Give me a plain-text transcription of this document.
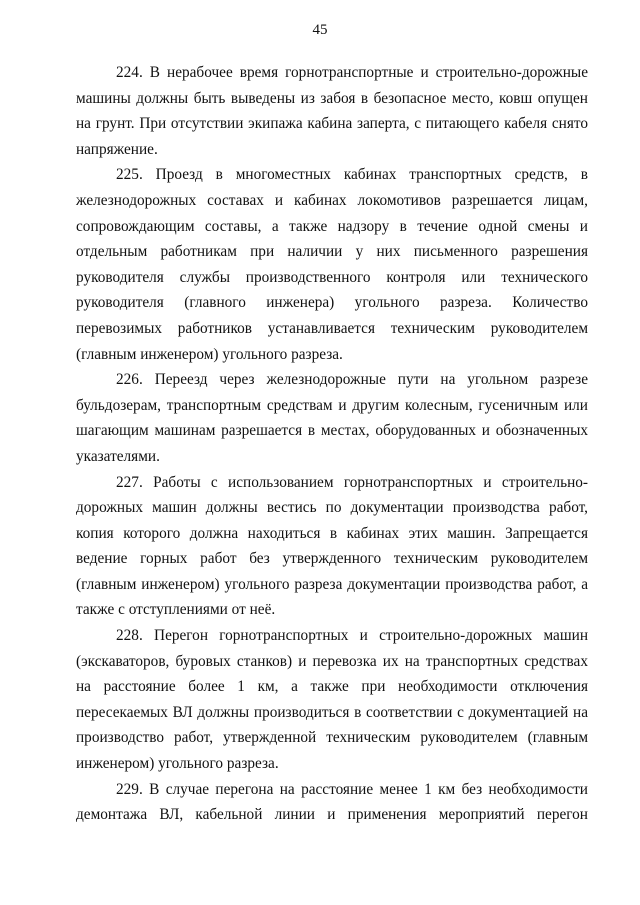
45

224. В нерабочее время горнотранспортные и строительно-дорожные машины должны быть выведены из забоя в безопасное место, ковш опущен на грунт. При отсутствии экипажа кабина заперта, с питающего кабеля снято напряжение.

225. Проезд в многоместных кабинах транспортных средств, в железнодорожных составах и кабинах локомотивов разрешается лицам, сопровождающим составы, а также надзору в течение одной смены и отдельным работникам при наличии у них письменного разрешения руководителя службы производственного контроля или технического руководителя (главного инженера) угольного разреза. Количество перевозимых работников устанавливается техническим руководителем (главным инженером) угольного разреза.

226. Переезд через железнодорожные пути на угольном разрезе бульдозерам, транспортным средствам и другим колесным, гусеничным или шагающим машинам разрешается в местах, оборудованных и обозначенных указателями.

227. Работы с использованием горнотранспортных и строительно-дорожных машин должны вестись по документации производства работ, копия которого должна находиться в кабинах этих машин. Запрещается ведение горных работ без утвержденного техническим руководителем (главным инженером) угольного разреза документации производства работ, а также с отступлениями от неё.

228. Перегон горнотранспортных и строительно-дорожных машин (экскаваторов, буровых станков) и перевозка их на транспортных средствах на расстояние более 1 км, а также при необходимости отключения пересекаемых ВЛ должны производиться в соответствии с документацией на производство работ, утвержденной техническим руководителем (главным инженером) угольного разреза.

229. В случае перегона на расстояние менее 1 км без необходимости демонтажа ВЛ, кабельной линии и применения мероприятий перегон
